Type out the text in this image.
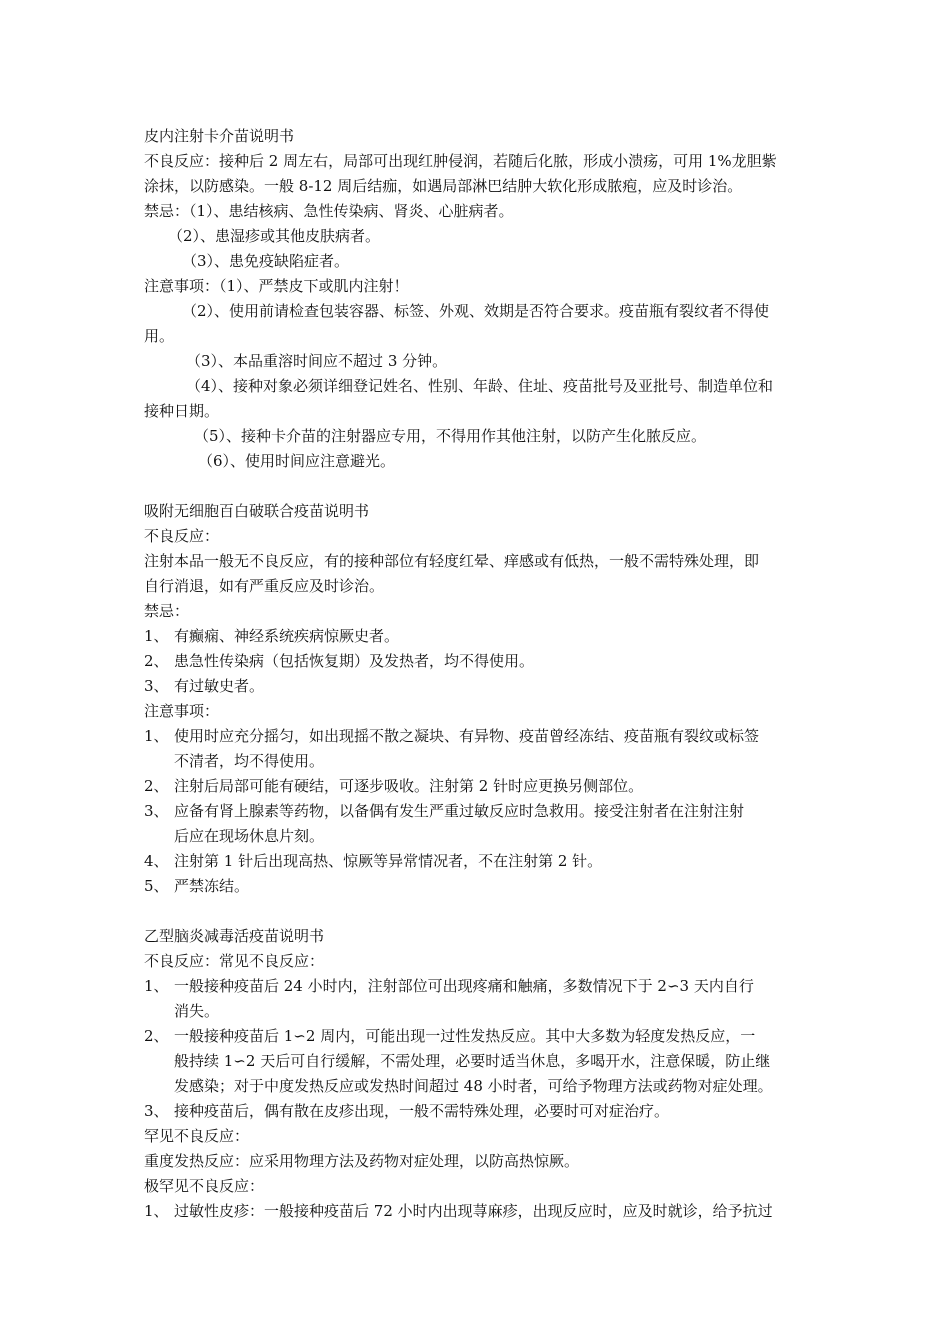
皮内注射卡介苗说明书
不良反应：接种后 2 周左右，局部可出现红肿侵润，若随后化脓，形成小溃疡，可用 1%龙胆紫
涂抹，以防感染。一般 8-12 周后结痂，如遇局部淋巴结肿大软化形成脓疱，应及时诊治。
禁忌：（1）、患结核病、急性传染病、肾炎、心脏病者。
（2）、患湿疹或其他皮肤病者。
（3）、患免疫缺陷症者。
注意事项：（1）、严禁皮下或肌内注射！
（2）、使用前请检查包装容器、标签、外观、效期是否符合要求。疫苗瓶有裂纹者不得使
用。
（3）、本品重溶时间应不超过 3 分钟。
（4）、接种对象必须详细登记姓名、性别、年龄、住址、疫苗批号及亚批号、制造单位和
接种日期。
（5）、接种卡介苗的注射器应专用，不得用作其他注射，以防产生化脓反应。
（6）、使用时间应注意避光。
吸附无细胞百白破联合疫苗说明书
不良反应：
注射本品一般无不良反应，有的接种部位有轻度红晕、痒感或有低热，一般不需特殊处理，即
自行消退，如有严重反应及时诊治。
禁忌：
1、 有癫痫、神经系统疾病惊厥史者。
2、 患急性传染病（包括恢复期）及发热者，均不得使用。
3、 有过敏史者。
注意事项：
1、 使用时应充分摇匀，如出现摇不散之凝块、有异物、疫苗曾经冻结、疫苗瓶有裂纹或标签
不清者，均不得使用。
2、 注射后局部可能有硬结，可逐步吸收。注射第 2 针时应更换另侧部位。
3、 应备有肾上腺素等药物，以备偶有发生严重过敏反应时急救用。接受注射者在注射注射
后应在现场休息片刻。
4、 注射第 1 针后出现高热、惊厥等异常情况者，不在注射第 2 针。
5、 严禁冻结。
乙型脑炎减毒活疫苗说明书
不良反应：常见不良反应：
1、 一般接种疫苗后 24 小时内，注射部位可出现疼痛和触痛，多数情况下于 2∽3 天内自行
消失。
2、 一般接种疫苗后 1∽2 周内，可能出现一过性发热反应。其中大多数为轻度发热反应，一
般持续 1∽2 天后可自行缓解，不需处理，必要时适当休息，多喝开水，注意保暖，防止继
发感染；对于中度发热反应或发热时间超过 48 小时者，可给予物理方法或药物对症处理。
3、 接种疫苗后，偶有散在皮疹出现，一般不需特殊处理，必要时可对症治疗。
罕见不良反应：
重度发热反应：应采用物理方法及药物对症处理，以防高热惊厥。
极罕见不良反应：
1、 过敏性皮疹：一般接种疫苗后 72 小时内出现荨麻疹，出现反应时，应及时就诊，给予抗过
